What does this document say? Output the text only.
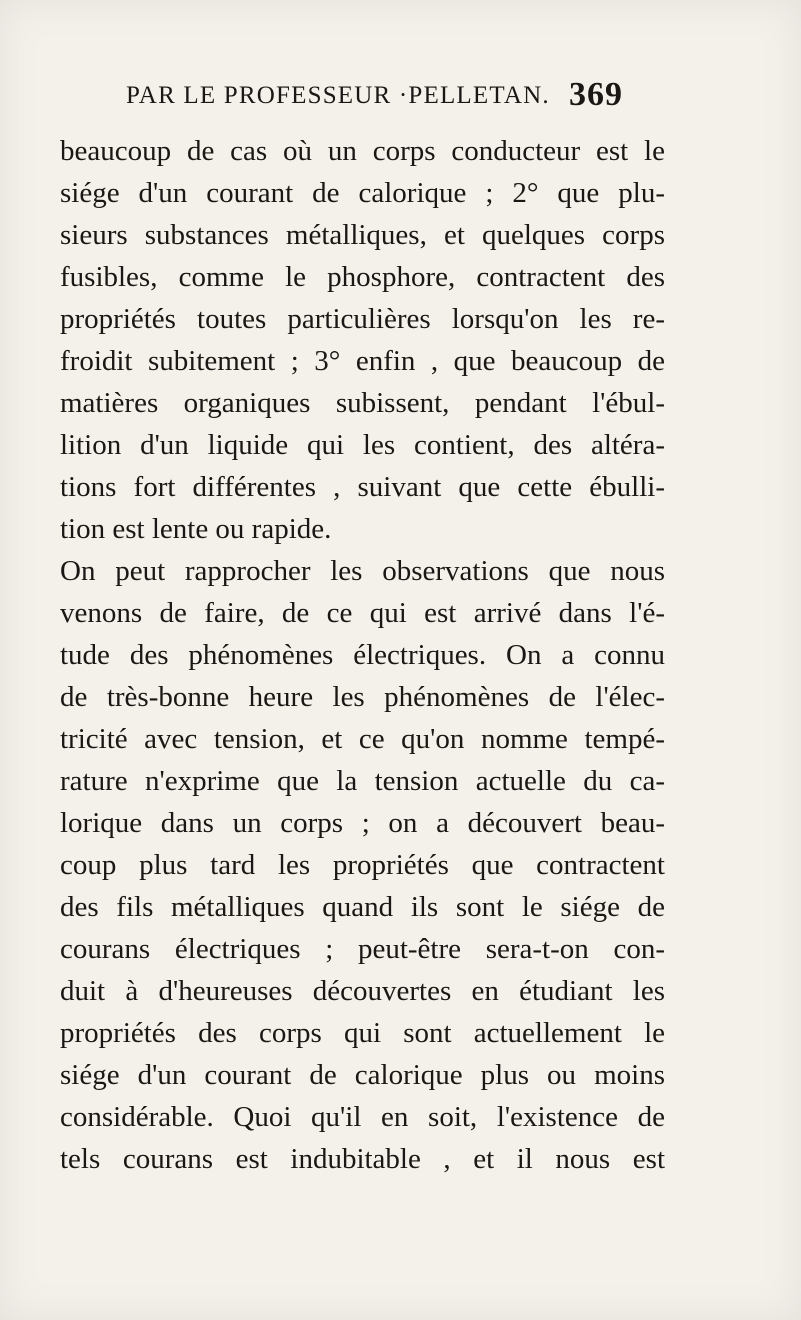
PAR LE PROFESSEUR ·PELLETAN. 369
beaucoup de cas où un corps conducteur est le
siége d'un courant de calorique ; 2° que plu-
sieurs substances métalliques, et quelques corps
fusibles, comme le phosphore, contractent des
propriétés toutes particulières lorsqu'on les re-
froidit subitement ; 3° enfin , que beaucoup de
matières organiques subissent, pendant l'ébul-
lition d'un liquide qui les contient, des altéra-
tions fort différentes , suivant que cette ébulli-
tion est lente ou rapide.
On peut rapprocher les observations que nous
venons de faire, de ce qui est arrivé dans l'é-
tude des phénomènes électriques. On a connu
de très-bonne heure les phénomènes de l'élec-
tricité avec tension, et ce qu'on nomme tempé-
rature n'exprime que la tension actuelle du ca-
lorique dans un corps ; on a découvert beau-
coup plus tard les propriétés que contractent
des fils métalliques quand ils sont le siége de
courans électriques ; peut-être sera-t-on con-
duit à d'heureuses découvertes en étudiant les
propriétés des corps qui sont actuellement le
siége d'un courant de calorique plus ou moins
considérable. Quoi qu'il en soit, l'existence de
tels courans est indubitable , et il nous est
